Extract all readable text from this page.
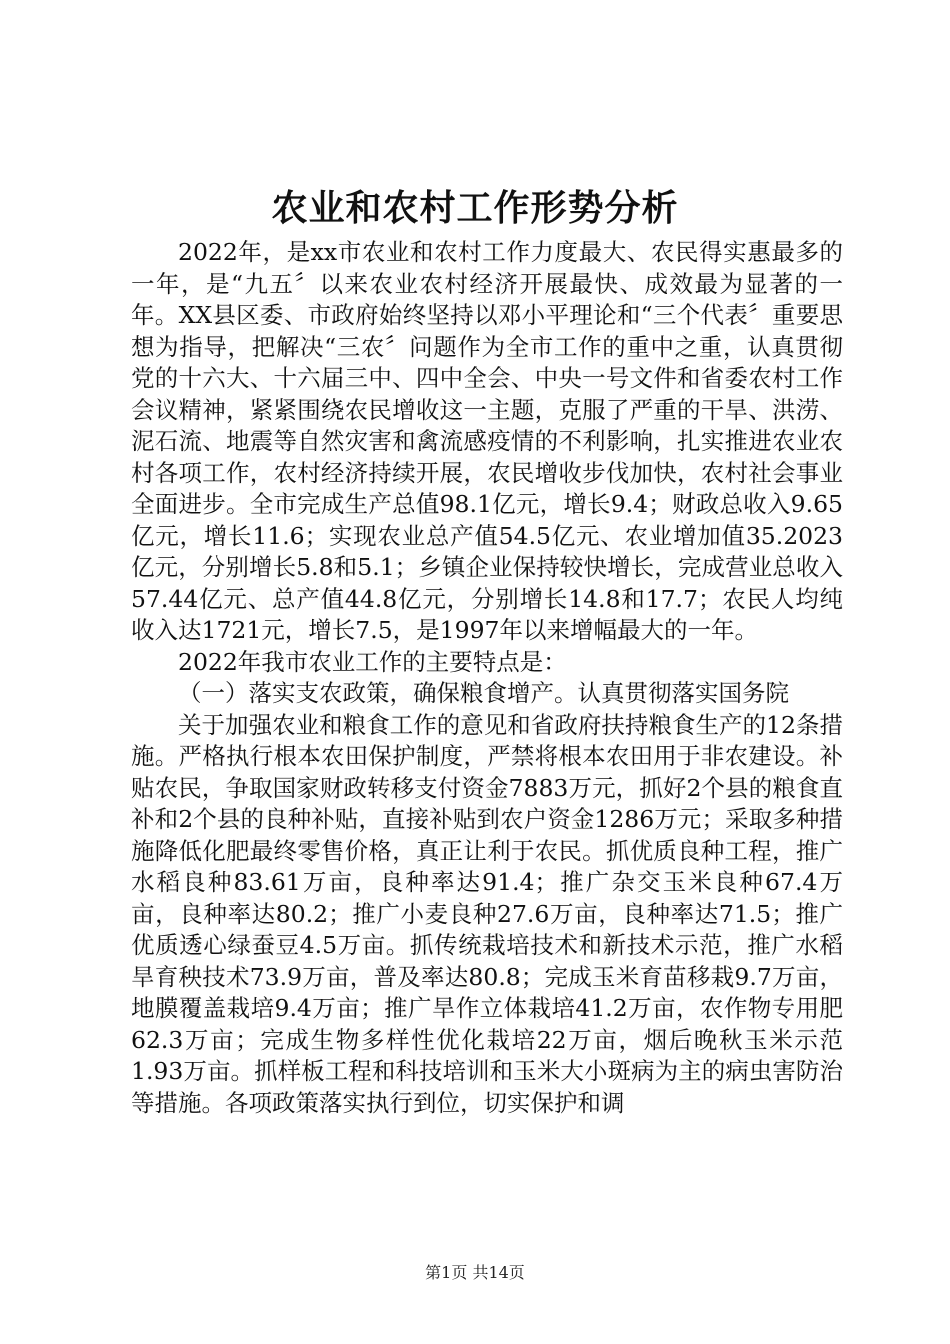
农业和农村工作形势分析

2022年，是xx市农业和农村工作力度最大、农民得实惠最多的一年，是“九五〞以来农业农村经济开展最快、成效最为显著的一年。XX县区委、市政府始终坚持以邓小平理论和“三个代表〞重要思想为指导，把解决“三农〞问题作为全市工作的重中之重，认真贯彻党的十六大、十六届三中、四中全会、中央一号文件和省委农村工作会议精神，紧紧围绕农民增收这一主题，克服了严重的干旱、洪涝、泥石流、地震等自然灾害和禽流感疫情的不利影响，扎实推进农业农村各项工作，农村经济持续开展，农民增收步伐加快，农村社会事业全面进步。全市完成生产总值98.1亿元，增长9.4；财政总收入9.65亿元，增长11.6；实现农业总产值54.5亿元、农业增加值35.2023亿元，分别增长5.8和5.1；乡镇企业保持较快增长，完成营业总收入57.44亿元、总产值44.8亿元，分别增长14.8和17.7；农民人均纯收入达1721元，增长7.5，是1997年以来增幅最大的一年。

2022年我市农业工作的主要特点是：

（一）落实支农政策，确保粮食增产。认真贯彻落实国务院

关于加强农业和粮食工作的意见和省政府扶持粮食生产的12条措施。严格执行根本农田保护制度，严禁将根本农田用于非农建设。补贴农民，争取国家财政转移支付资金7883万元，抓好2个县的粮食直补和2个县的良种补贴，直接补贴到农户资金1286万元；采取多种措施降低化肥最终零售价格，真正让利于农民。抓优质良种工程，推广水稻良种83.61万亩，良种率达91.4；推广杂交玉米良种67.4万亩，良种率达80.2；推广小麦良种27.6万亩，良种率达71.5；推广优质透心绿蚕豆4.5万亩。抓传统栽培技术和新技术示范，推广水稻旱育秧技术73.9万亩，普及率达80.8；完成玉米育苗移栽9.7万亩，地膜覆盖栽培9.4万亩；推广旱作立体栽培41.2万亩，农作物专用肥62.3万亩；完成生物多样性优化栽培22万亩，烟后晚秋玉米示范1.93万亩。抓样板工程和科技培训和玉米大小斑病为主的病虫害防治等措施。各项政策落实执行到位，切实保护和调

第1页 共14页
